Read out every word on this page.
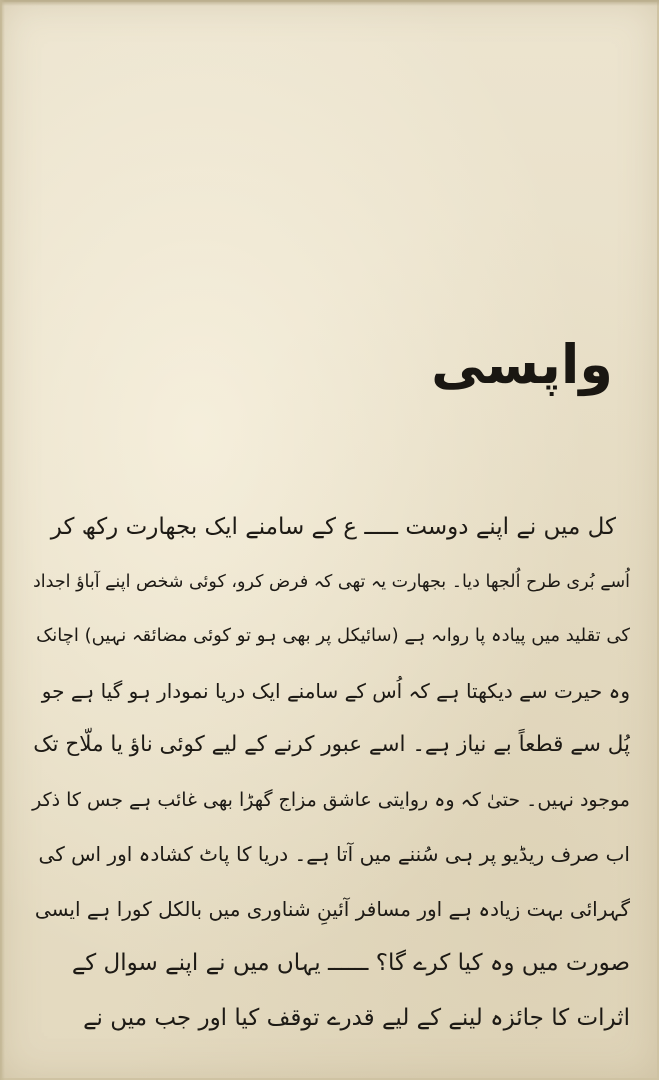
واپسی
کل میں نے اپنے دوست ـــــ ع کے سامنے ایک بجھارت رکھ کر
اُسے بُری طرح اُلجھا دیا۔ بجھارت یہ تھی کہ فرض کرو، کوئی شخص اپنے آباؤ اجداد
کی تقلید میں پیادہ پا رواںہ ہے (سائیکل پر بھی ہو تو کوئی مضائقہ نہیں) اچانک
وہ حیرت سے دیکھتا ہے کہ اُس کے سامنے ایک دریا نمودار ہو گیا ہے جو
پُل سے قطعاً بے نیاز ہے۔ اسے عبور کرنے کے لیے کوئی ناؤ یا ملّاح تک
موجود نہیں۔ حتیٰ کہ وہ روایتی عاشق مزاج گھڑا بھی غائب ہے جس کا ذکر
اب صرف ریڈیو پر ہی سُننے میں آتا ہے۔ دریا کا پاٹ کشادہ اور اس کی
گہرائی بہت زیادہ ہے اور مسافر آئینِ شناوری میں بالکل کورا ہے ایسی
صورت میں وہ کیا کرے گا؟ ــــــ یہاں میں نے اپنے سوال کے
اثرات کا جائزہ لینے کے لیے قدرے توقف کیا اور جب میں نے
